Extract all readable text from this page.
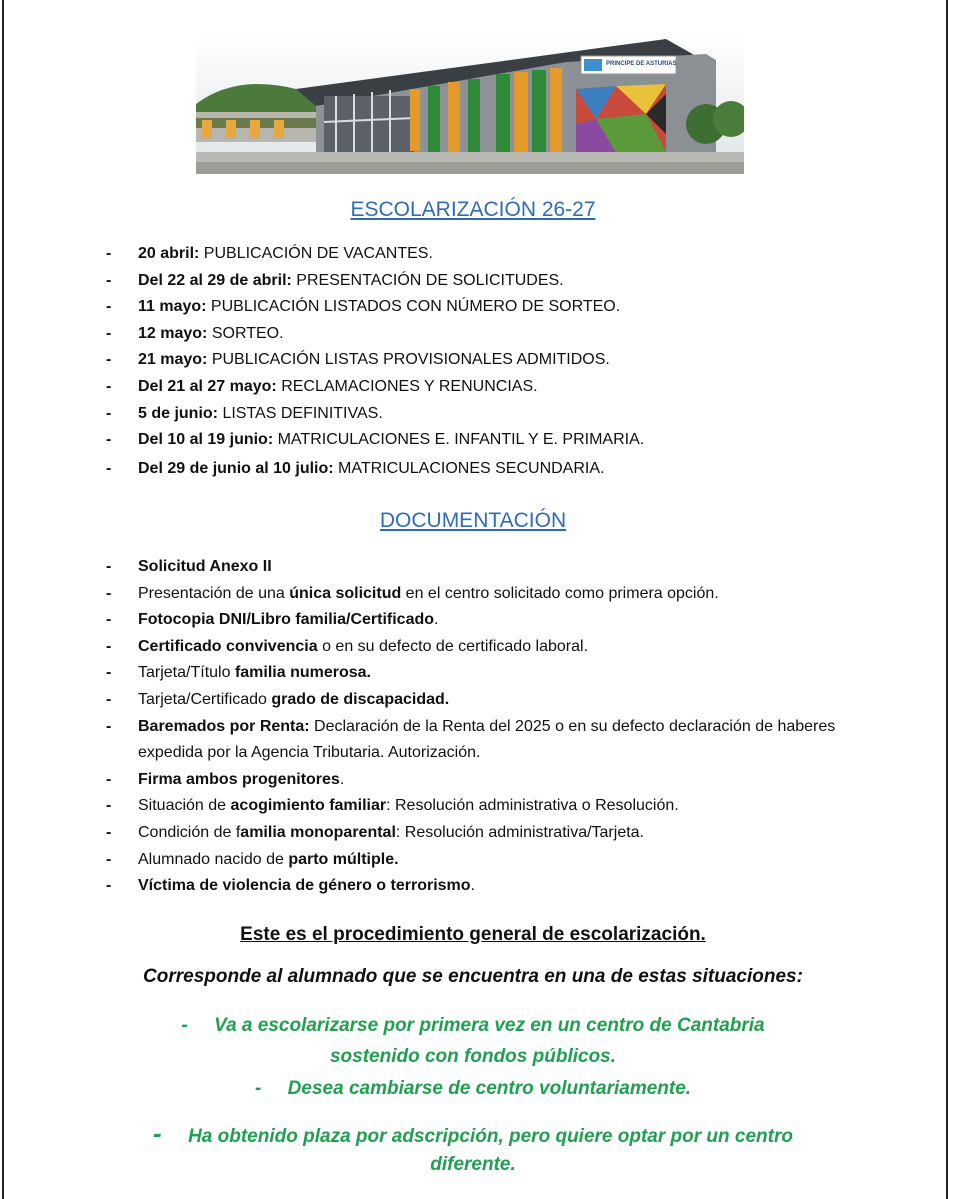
PRINCIPE DE ASTURIAS
ESCOLARIZACIÓN 26-27
- 20 abril: PUBLICACIÓN DE VACANTES.
- Del 22 al 29 de abril: PRESENTACIÓN DE SOLICITUDES.
- 11 mayo: PUBLICACIÓN LISTADOS CON NÚMERO DE SORTEO.
- 12 mayo: SORTEO.
- 21 mayo: PUBLICACIÓN LISTAS PROVISIONALES ADMITIDOS.
- Del 21 al 27 mayo: RECLAMACIONES Y RENUNCIAS.
- 5 de junio: LISTAS DEFINITIVAS.
- Del 10 al 19 junio: MATRICULACIONES E. INFANTIL Y E. PRIMARIA.
- Del 29 de junio al 10 julio: MATRICULACIONES SECUNDARIA.
DOCUMENTACIÓN
- Solicitud Anexo II
- Presentación de una única solicitud en el centro solicitado como primera opción.
- Fotocopia DNI/Libro familia/Certificado.
- Certificado convivencia o en su defecto de certificado laboral.
- Tarjeta/Título familia numerosa.
- Tarjeta/Certificado grado de discapacidad.
- Baremados por Renta: Declaración de la Renta del 2025 o en su defecto declaración de haberes expedida por la Agencia Tributaria. Autorización.
- Firma ambos progenitores.
- Situación de acogimiento familiar: Resolución administrativa o Resolución.
- Condición de familia monoparental: Resolución administrativa/Tarjeta.
- Alumnado nacido de parto múltiple.
- Víctima de violencia de género o terrorismo.
Este es el procedimiento general de escolarización.
Corresponde al alumnado que se encuentra en una de estas situaciones:
- Va a escolarizarse por primera vez en un centro de Cantabria
sostenido con fondos públicos.
- Desea cambiarse de centro voluntariamente.
- Ha obtenido plaza por adscripción, pero quiere optar por un centro
diferente.
